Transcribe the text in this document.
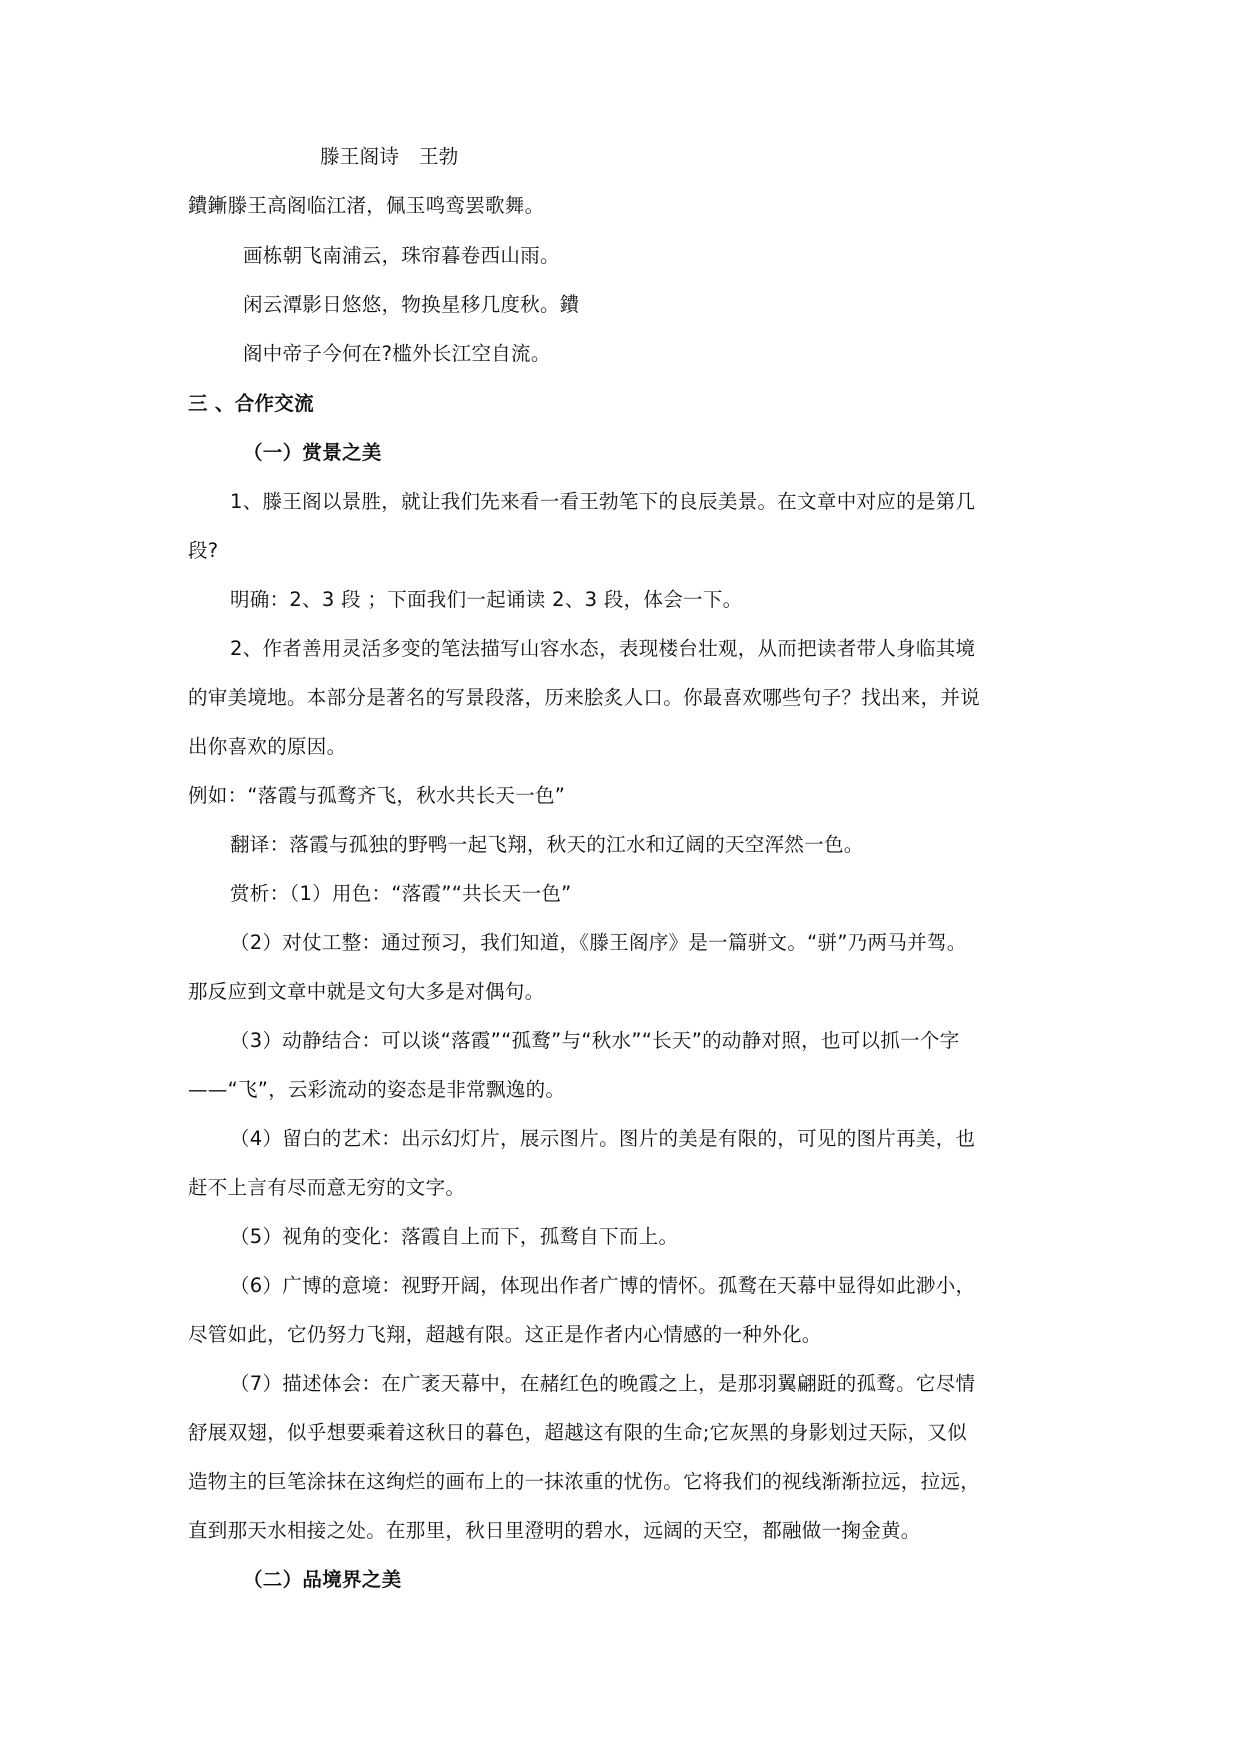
滕王阁诗　王勃

鐨鏩滕王高阁临江渚，佩玉鸣鸾罢歌舞。

画栋朝飞南浦云，珠帘暮卷西山雨。

闲云潭影日悠悠，物换星移几度秋。鐨

阁中帝子今何在?槛外长江空自流。

三 、合作交流

（一）赏景之美

1、滕王阁以景胜，就让我们先来看一看王勃笔下的良辰美景。在文章中对应的是第几

段?

明确：2、3 段 ；下面我们一起诵读 2、3 段，体会一下。

2、作者善用灵活多变的笔法描写山容水态，表现楼台壮观，从而把读者带人身临其境

的审美境地。本部分是著名的写景段落，历来脍炙人口。你最喜欢哪些句子？找出来，并说

出你喜欢的原因。

例如：“落霞与孤鹜齐飞，秋水共长天一色”

翻译：落霞与孤独的野鸭一起飞翔，秋天的江水和辽阔的天空浑然一色。

赏析：（1）用色：“落霞”“共长天一色”

（2）对仗工整：通过预习，我们知道，《滕王阁序》是一篇骈文。“骈”乃两马并驾。

那反应到文章中就是文句大多是对偶句。

（3）动静结合：可以谈“落霞”“孤鹜”与“秋水”“长天”的动静对照，也可以抓一个字

——“飞”，云彩流动的姿态是非常飘逸的。

（4）留白的艺术：出示幻灯片，展示图片。图片的美是有限的，可见的图片再美，也

赶不上言有尽而意无穷的文字。

（5）视角的变化：落霞自上而下，孤鹜自下而上。

（6）广博的意境：视野开阔，体现出作者广博的情怀。孤鹜在天幕中显得如此渺小，

尽管如此，它仍努力飞翔，超越有限。这正是作者内心情感的一种外化。

（7）描述体会：在广袤天幕中，在赭红色的晚霞之上，是那羽翼翩跹的孤鹜。它尽情

舒展双翅，似乎想要乘着这秋日的暮色，超越这有限的生命;它灰黑的身影划过天际，又似

造物主的巨笔涂抹在这绚烂的画布上的一抹浓重的忧伤。它将我们的视线渐渐拉远，拉远，

直到那天水相接之处。在那里，秋日里澄明的碧水，远阔的天空，都融做一掬金黄。

（二）品境界之美
